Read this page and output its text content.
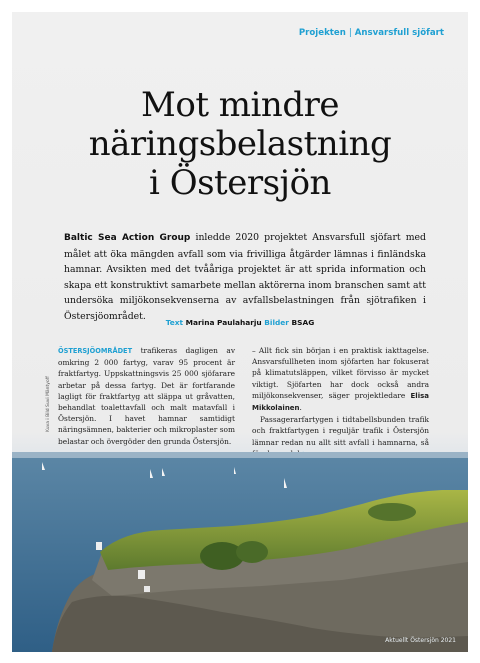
Projekten | Ansvarsfull sjöfart
Mot mindre
näringsbelastning
i Östersjön
Baltic Sea Action Group inledde 2020 projektet Ansvarsfull sjöfart med målet att öka mängden avfall som via frivilliga åtgärder lämnas i finländska hamnar. Avsikten med det tvååriga projektet är att sprida information och skapa ett konstruktivt samarbete mellan aktörerna inom branschen samt att undersöka miljökonsekvenserna av avfallsbelastningen från sjötrafiken i Östersjöområdet.
Text Marina Paulaharju Bilder BSAG

ÖSTERSJÖOMRÅDET trafikeras dagligen av omkring 2 000 fartyg, varav 95 procent är fraktfartyg. Uppskattningsvis 25 000 sjöfarare arbetar på dessa fartyg. Det är fortfarande lagligt för fraktfartyg att släppa ut gråvatten, behandlat toalettavfall och malt matavfall i Östersjön. I havet hamnar samtidigt näringsämnen, bakterier och mikroplaster som belastar och övergöder den grunda Östersjön.

– Allt fick sin början i en praktisk iakttagelse. Ansvarsfullheten inom sjöfarten har fokuserat på klimatutsläppen, vilket förvisso är mycket viktigt. Sjöfarten har dock också andra miljökonsekvenser, säger projektledare Elisa Mikkolainen.

Passagerarfartygen i tidtabellsbunden trafik och fraktfartygen i reguljär trafik i Östersjön lämnar redan nu allt sitt avfall i hamnarna, så

Kuva i Bild Suvi Mäntyoff
Aktuellt Östersjön 2021
